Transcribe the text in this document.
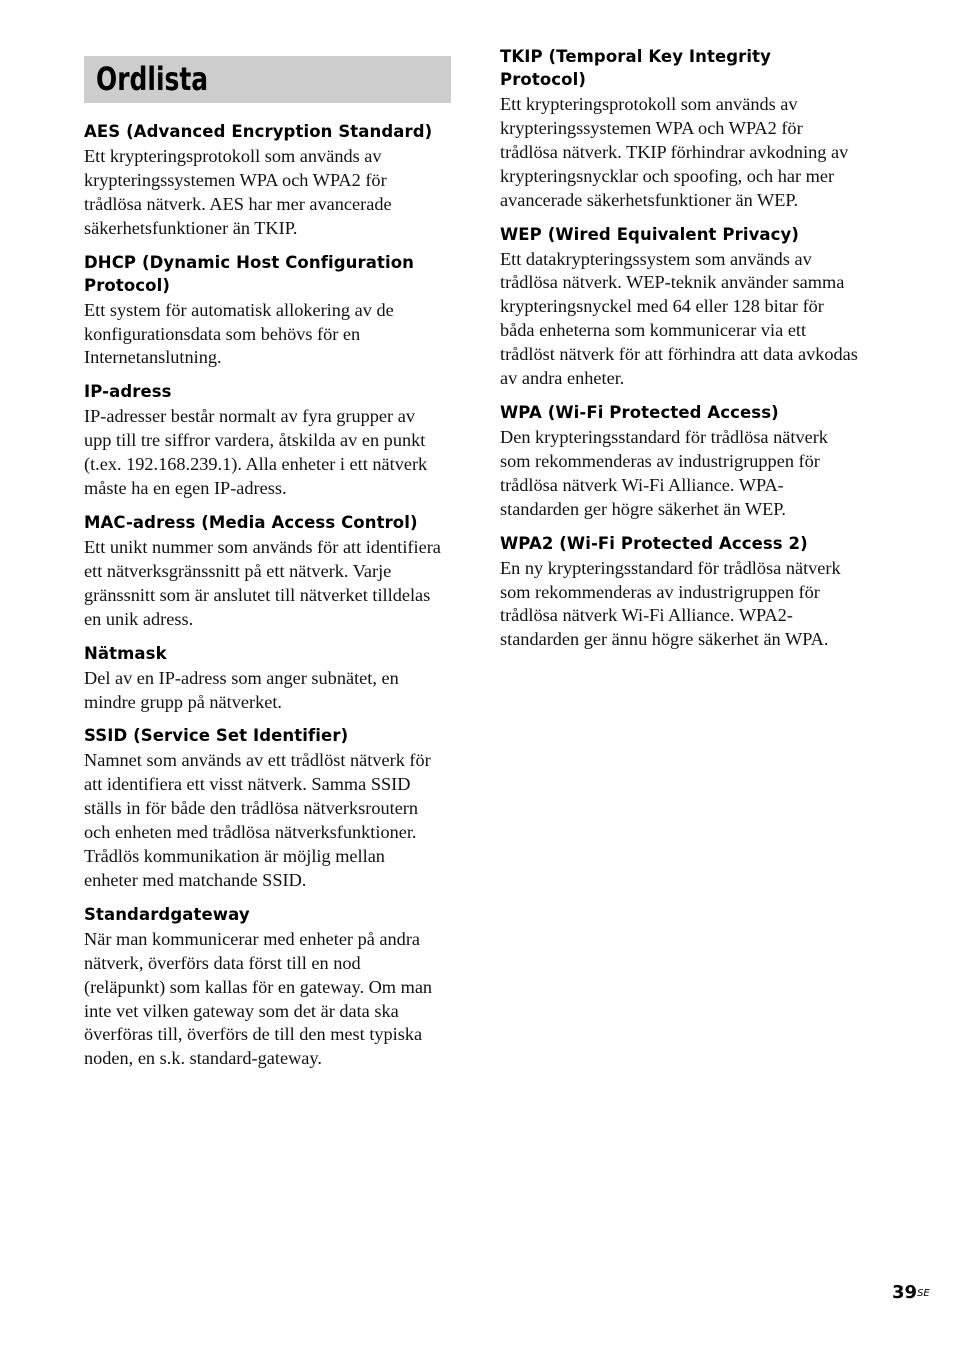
Ordlista
AES (Advanced Encryption Standard)
Ett krypteringsprotokoll som används av
krypteringssystemen WPA och WPA2 för
trådlösa nätverk. AES har mer avancerade
säkerhetsfunktioner än TKIP.
DHCP (Dynamic Host Configuration
Protocol)
Ett system för automatisk allokering av de
konfigurationsdata som behövs för en
Internetanslutning.
IP-adress
IP-adresser består normalt av fyra grupper av
upp till tre siffror vardera, åtskilda av en punkt
(t.ex. 192.168.239.1). Alla enheter i ett nätverk
måste ha en egen IP-adress.
MAC-adress (Media Access Control)
Ett unikt nummer som används för att identifiera
ett nätverksgränssnitt på ett nätverk. Varje
gränssnitt som är anslutet till nätverket tilldelas
en unik adress.
Nätmask
Del av en IP-adress som anger subnätet, en
mindre grupp på nätverket.
SSID (Service Set Identifier)
Namnet som används av ett trådlöst nätverk för
att identifiera ett visst nätverk. Samma SSID
ställs in för både den trådlösa nätverksroutern
och enheten med trådlösa nätverksfunktioner.
Trådlös kommunikation är möjlig mellan
enheter med matchande SSID.
Standardgateway
När man kommunicerar med enheter på andra
nätverk, överförs data först till en nod
(reläpunkt) som kallas för en gateway. Om man
inte vet vilken gateway som det är data ska
överföras till, överförs de till den mest typiska
noden, en s.k. standard-gateway.
TKIP (Temporal Key Integrity
Protocol)
Ett krypteringsprotokoll som används av
krypteringssystemen WPA och WPA2 för
trådlösa nätverk. TKIP förhindrar avkodning av
krypteringsnycklar och spoofing, och har mer
avancerade säkerhetsfunktioner än WEP.
WEP (Wired Equivalent Privacy)
Ett datakrypteringssystem som används av
trådlösa nätverk. WEP-teknik använder samma
krypteringsnyckel med 64 eller 128 bitar för
båda enheterna som kommunicerar via ett
trådlöst nätverk för att förhindra att data avkodas
av andra enheter.
WPA (Wi-Fi Protected Access)
Den krypteringsstandard för trådlösa nätverk
som rekommenderas av industrigruppen för
trådlösa nätverk Wi-Fi Alliance. WPA-
standarden ger högre säkerhet än WEP.
WPA2 (Wi-Fi Protected Access 2)
En ny krypteringsstandard för trådlösa nätverk
som rekommenderas av industrigruppen för
trådlösa nätverk Wi-Fi Alliance. WPA2-
standarden ger ännu högre säkerhet än WPA.
$39^{SE}$
